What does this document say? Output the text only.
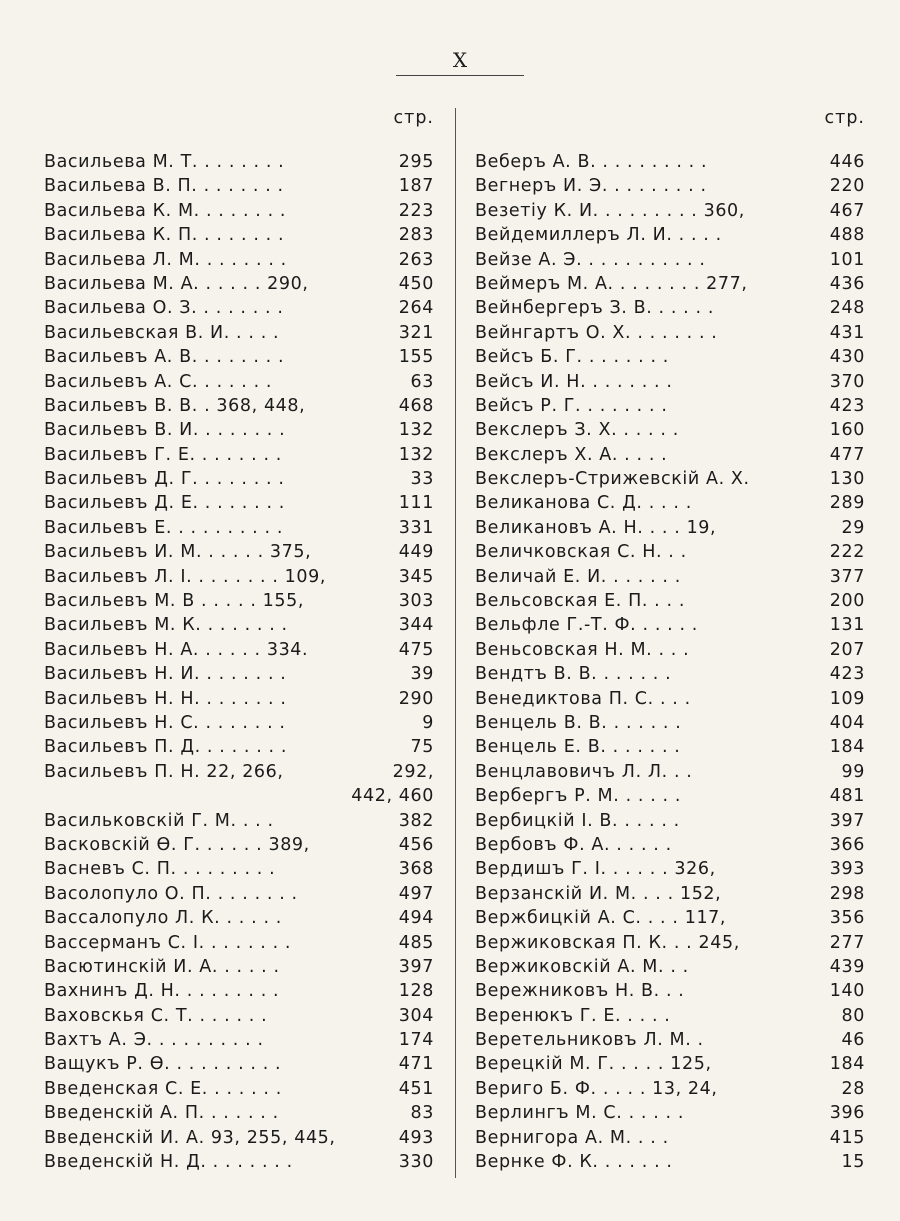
X
стр.
Васильева М. Т. . . . . . . .	295
Васильева В. П. . . . . . . .	187
Васильева К. М. . . . . . . .	223
Васильева К. П. . . . . . . .	283
Васильева Л. М. . . . . . . .	263
Васильева М. А. . . . . . 290,	450
Васильева О. З. . . . . . . .	264
Васильевская В. И. . . . .	321
Васильевъ А. В. . . . . . . .	155
Васильевъ А. С. . . . . . .	63
Васильевъ В. В. . 368, 448,	468
Васильевъ В. И. . . . . . . .	132
Васильевъ Г. Е. . . . . . . .	132
Васильевъ Д. Г. . . . . . . .	33
Васильевъ Д. Е. . . . . . . .	111
Васильевъ Е. . . . . . . . . .	331
Васильевъ И. М. . . . . . 375,	449
Васильевъ Л. I. . . . . . . . 109,	345
Васильевъ М. В . . . . . 155,	303
Васильевъ М. К. . . . . . . .	344
Васильевъ Н. А. . . . . . 334.	475
Васильевъ Н. И. . . . . . . .	39
Васильевъ Н. Н. . . . . . . .	290
Васильевъ Н. С. . . . . . . .	9
Васильевъ П. Д. . . . . . . .	75
Васильевъ П. Н. 22, 266,	292,
442, 460
Васильковскій Г. М. . . .	382
Васковскій Ѳ. Г. . . . . . 389,	456
Васневъ С. П. . . . . . . . .	368
Васолопуло О. П. . . . . . . .	497
Вассалопуло Л. К. . . . . .	494
Вассерманъ С. I. . . . . . . .	485
Васютинскій И. А. . . . . .	397
Вахнинъ Д. Н. . . . . . . . .	128
Ваховскья С. Т. . . . . . .	304
Вахтъ А. Э. . . . . . . . . .	174
Ващукъ Р. Ѳ. . . . . . . . . .	471
Введенская С. Е. . . . . . .	451
Введенскій А. П. . . . . . .	83
Введенскій И. А. 93, 255, 445,	493
Введенскій Н. Д. . . . . . . .	330
стр.
Веберъ А. В. . . . . . . . . .	446
Вегнеръ И. Э. . . . . . . . .	220
Везетiу К. И. . . . . . . . . 360,	467
Вейдемиллеръ Л. И. . . . .	488
Вейзе А. Э. . . . . . . . . . .	101
Веймеръ М. А. . . . . . . . 277,	436
Вейнбергеръ З. В. . . . . .	248
Вейнгартъ О. Х. . . . . . . .	431
Вейсъ Б. Г. . . . . . . .	430
Вейсъ И. Н. . . . . . . .	370
Вейсъ Р. Г. . . . . . . .	423
Векслеръ З. Х. . . . . .	160
Векслеръ Х. А. . . . .	477
Векслеръ-Стрижевскій А. Х.	130
Великанова С. Д. . . . .	289
Великановъ А. Н. . . . 19,	29
Величковская С. Н. . .	222
Величай Е. И. . . . . . .	377
Вельсовская Е. П. . . .	200
Вельфле Г.-Т. Ф. . . . . .	131
Веньсовская Н. М. . . .	207
Вендтъ В. В. . . . . . .	423
Венедиктова П. С. . . .	109
Венцель В. В. . . . . . .	404
Венцель Е. В. . . . . . .	184
Венцлавовичъ Л. Л. . .	99
Вербергъ Р. М. . . . . .	481
Вербицкій I. В. . . . . .	397
Вербовъ Ф. А. . . . . .	366
Вердишъ Г. I. . . . . . 326,	393
Верзанскій И. М. . . . 152,	298
Вержбицкій А. С. . . . 117,	356
Вержиковская П. К. . . 245,	277
Вержиковскій А. М. . .	439
Вережниковъ Н. В. . .	140
Веренюкъ Г. Е. . . . .	80
Веретельниковъ Л. М. .	46
Верецкій М. Г. . . . . 125,	184
Вериго Б. Ф. . . . . 13, 24,	28
Верлингъ М. С. . . . . .	396
Вернигора А. М. . . .	415
Вернке Ф. К. . . . . . .	15
